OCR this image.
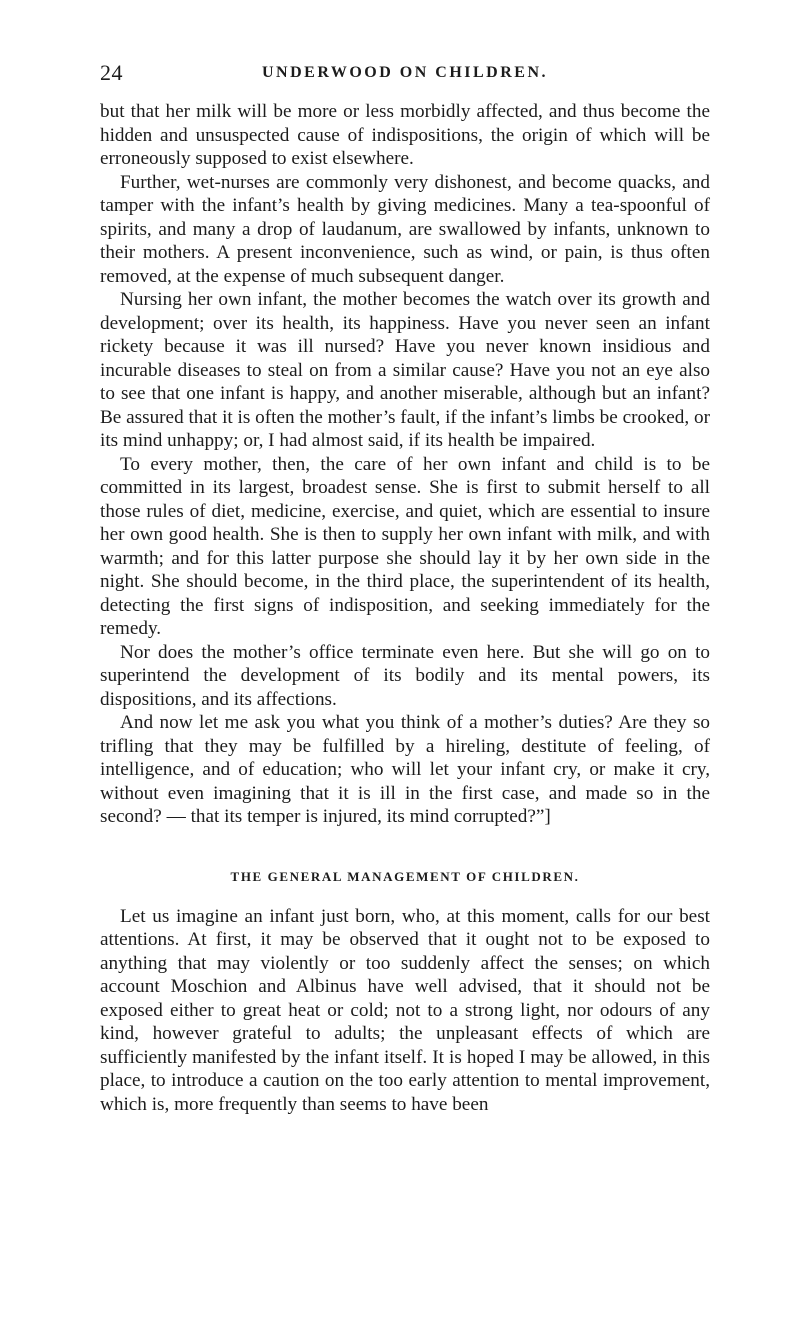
24	UNDERWOOD ON CHILDREN.

but that her milk will be more or less morbidly affected, and thus become the hidden and unsuspected cause of indispositions, the origin of which will be erroneously supposed to exist elsewhere.

Further, wet-nurses are commonly very dishonest, and become quacks, and tamper with the infant’s health by giving medicines. Many a tea-spoonful of spirits, and many a drop of laudanum, are swallowed by infants, unknown to their mothers. A present inconvenience, such as wind, or pain, is thus often removed, at the expense of much subsequent danger.

Nursing her own infant, the mother becomes the watch over its growth and development; over its health, its happiness. Have you never seen an infant rickety because it was ill nursed? Have you never known insidious and incurable diseases to steal on from a similar cause? Have you not an eye also to see that one infant is happy, and another miserable, although but an infant? Be assured that it is often the mother’s fault, if the infant’s limbs be crooked, or its mind unhappy; or, I had almost said, if its health be impaired.

To every mother, then, the care of her own infant and child is to be committed in its largest, broadest sense. She is first to submit herself to all those rules of diet, medicine, exercise, and quiet, which are essential to insure her own good health. She is then to supply her own infant with milk, and with warmth; and for this latter purpose she should lay it by her own side in the night. She should become, in the third place, the superintendent of its health, detecting the first signs of indisposition, and seeking immediately for the remedy.

Nor does the mother’s office terminate even here. But she will go on to superintend the development of its bodily and its mental powers, its dispositions, and its affections.

And now let me ask you what you think of a mother’s duties? Are they so trifling that they may be fulfilled by a hireling, destitute of feeling, of intelligence, and of education; who will let your infant cry, or make it cry, without even imagining that it is ill in the first case, and made so in the second? — that its temper is injured, its mind corrupted?”]

THE GENERAL MANAGEMENT OF CHILDREN.

Let us imagine an infant just born, who, at this moment, calls for our best attentions. At first, it may be observed that it ought not to be exposed to anything that may violently or too suddenly affect the senses; on which account Moschion and Albinus have well advised, that it should not be exposed either to great heat or cold; not to a strong light, nor odours of any kind, however grateful to adults; the unpleasant effects of which are sufficiently manifested by the infant itself. It is hoped I may be allowed, in this place, to introduce a caution on the too early attention to mental improvement, which is, more frequently than seems to have been
